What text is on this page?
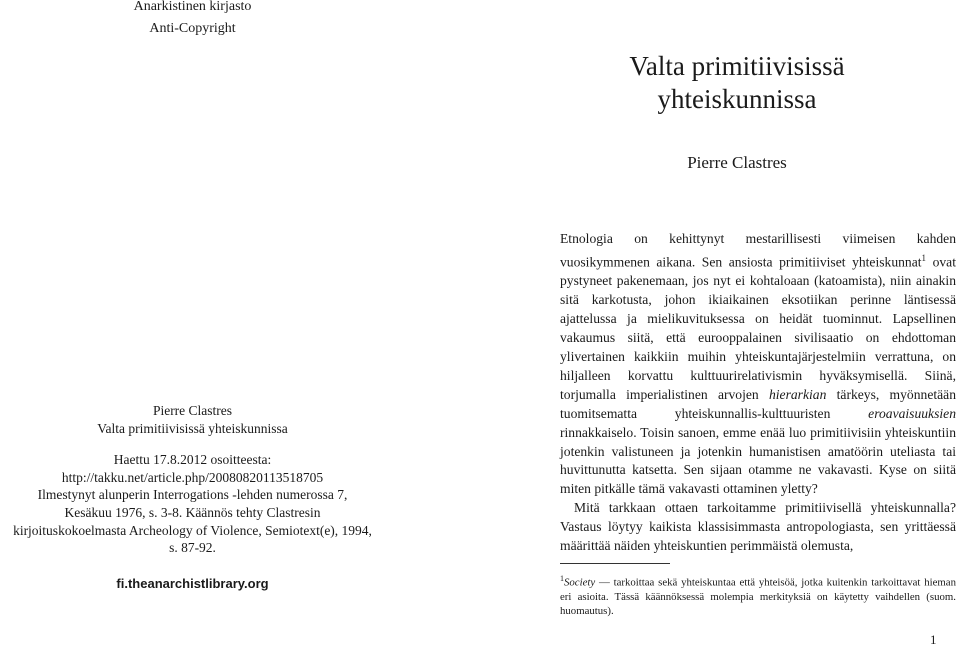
Anarkistinen kirjasto
Anti-Copyright
Pierre Clastres
Valta primitiivisissä yhteiskunnissa
Haettu 17.8.2012 osoitteesta:
http://takku.net/article.php/20080820113518705
Ilmestynyt alunperin Interrogations -lehden numerossa 7,
Kesäkuu 1976, s. 3-8. Käännös tehty Clastresin
kirjoituskokoelmasta Archeology of Violence, Semiotext(e), 1994,
s. 87-92.
fi.theanarchistlibrary.org
Valta primitiivisissä
yhteiskunnissa
Pierre Clastres

Etnologia on kehittynyt mestarillisesti viimeisen kahden vuosikymmenen aikana. Sen ansiosta primitiiviset yhteiskunnat$^1$ ovat pystyneet pakenemaan, jos nyt ei kohtaloaan (katoamista), niin ainakin sitä karkotusta, johon ikiaikainen eksotiikan perinne läntisessä ajattelussa ja mielikuvituksessa on heidät tuominnut. Lapsellinen vakaumus siitä, että eurooppalainen sivilisaatio on ehdottoman ylivertainen kaikkiin muihin yhteiskuntajärjestelmiin verrattuna, on hiljalleen korvattu kulttuurirelativismin hyväksymisellä. Siinä, torjumalla imperialistinen arvojen hierarkian tärkeys, myönnetään tuomitsematta yhteiskunnallis-kulttuuristen eroavaisuuksien rinnakkaiselo. Toisin sanoen, emme enää luo primitiivisiin yhteiskuntiin jotenkin valistuneen ja jotenkin humanistisen amatöörin uteliasta tai huvittunutta katsetta. Sen sijaan otamme ne vakavasti. Kyse on siitä miten pitkälle tämä vakavasti ottaminen yletty?

Mitä tarkkaan ottaen tarkoitamme primitiivisellä yhteiskunnalla? Vastaus löytyy kaikista klassisimmasta antropologiasta, sen yrittäessä määrittää näiden yhteiskuntien perimmäistä olemusta,

$^1$Society — tarkoittaa sekä yhteiskuntaa että yhteisöä, jotka kuitenkin tarkoittavat hieman eri asioita. Tässä käännöksessä molempia merkityksiä on käytetty vaihdellen (suom. huomautus).
1
